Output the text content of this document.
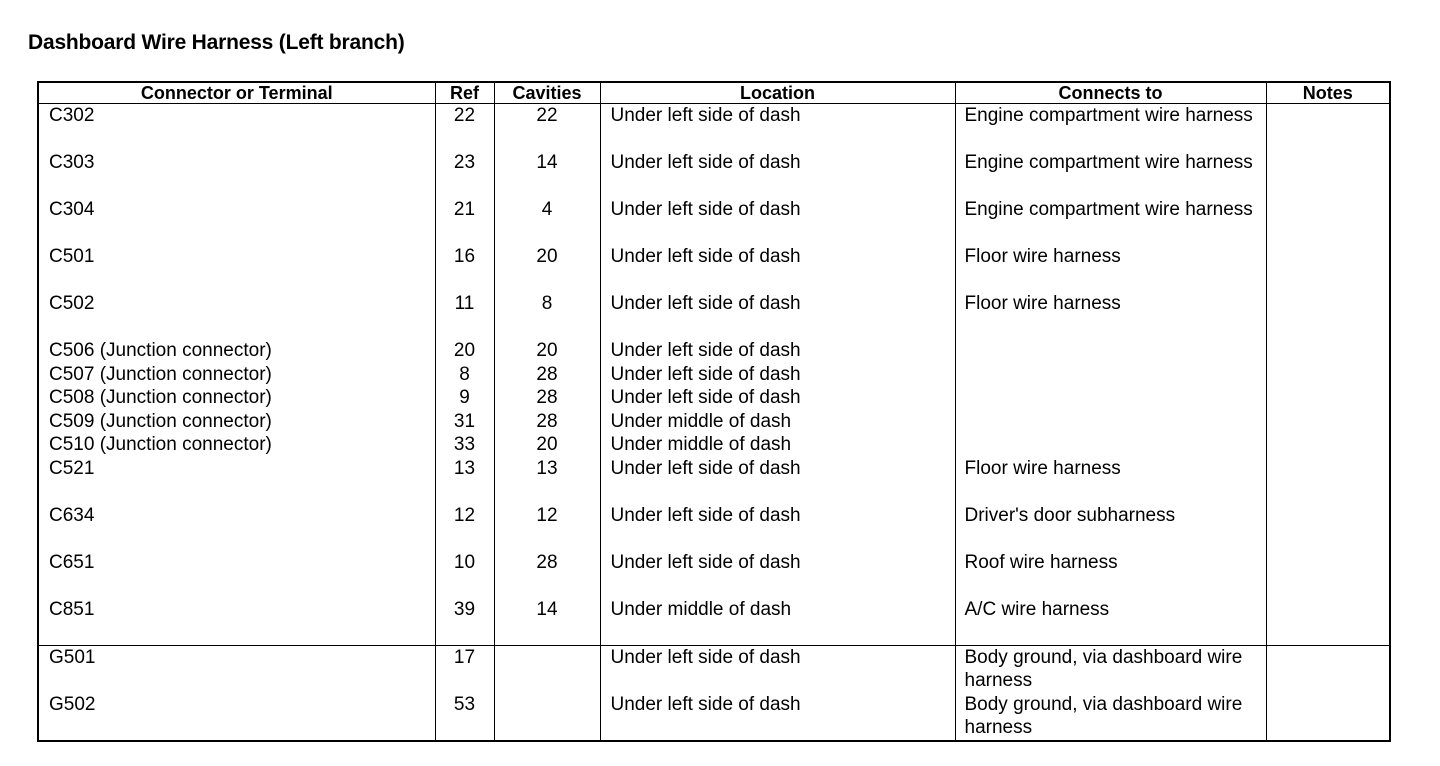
Dashboard Wire Harness (Left branch)
Connector or Terminal	Ref	Cavities	Location	Connects to	Notes
C302	22	22	Under left side of dash	Engine compartment wire harness	
C303	23	14	Under left side of dash	Engine compartment wire harness	
C304	21	4	Under left side of dash	Engine compartment wire harness	
C501	16	20	Under left side of dash	Floor wire harness	
C502	11	8	Under left side of dash	Floor wire harness	
C506 (Junction connector)	20	20	Under left side of dash		
C507 (Junction connector)	8	28	Under left side of dash		
C508 (Junction connector)	9	28	Under left side of dash		
C509 (Junction connector)	31	28	Under middle of dash		
C510 (Junction connector)	33	20	Under middle of dash		
C521	13	13	Under left side of dash	Floor wire harness	
C634	12	12	Under left side of dash	Driver's door subharness	
C651	10	28	Under left side of dash	Roof wire harness	
C851	39	14	Under middle of dash	A/C wire harness	
G501	17		Under left side of dash	Body ground, via dashboard wire harness	
G502	53		Under left side of dash	Body ground, via dashboard wire harness	
